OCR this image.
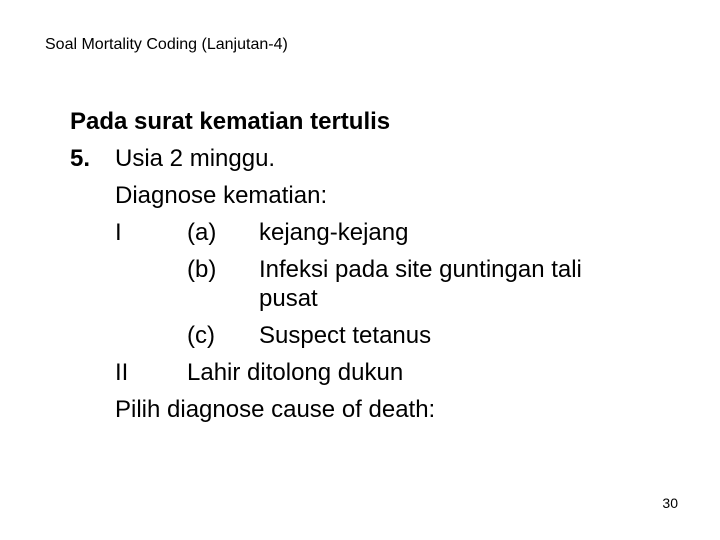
Soal Mortality Coding (Lanjutan-4)
Pada surat kematian tertulis
5. Usia 2 minggu.
Diagnose kematian:
I	(a) kejang-kejang
(b) Infeksi pada site guntingan tali
pusat
(c) Suspect tetanus
II Lahir ditolong dukun
Pilih diagnose cause of death:
30
